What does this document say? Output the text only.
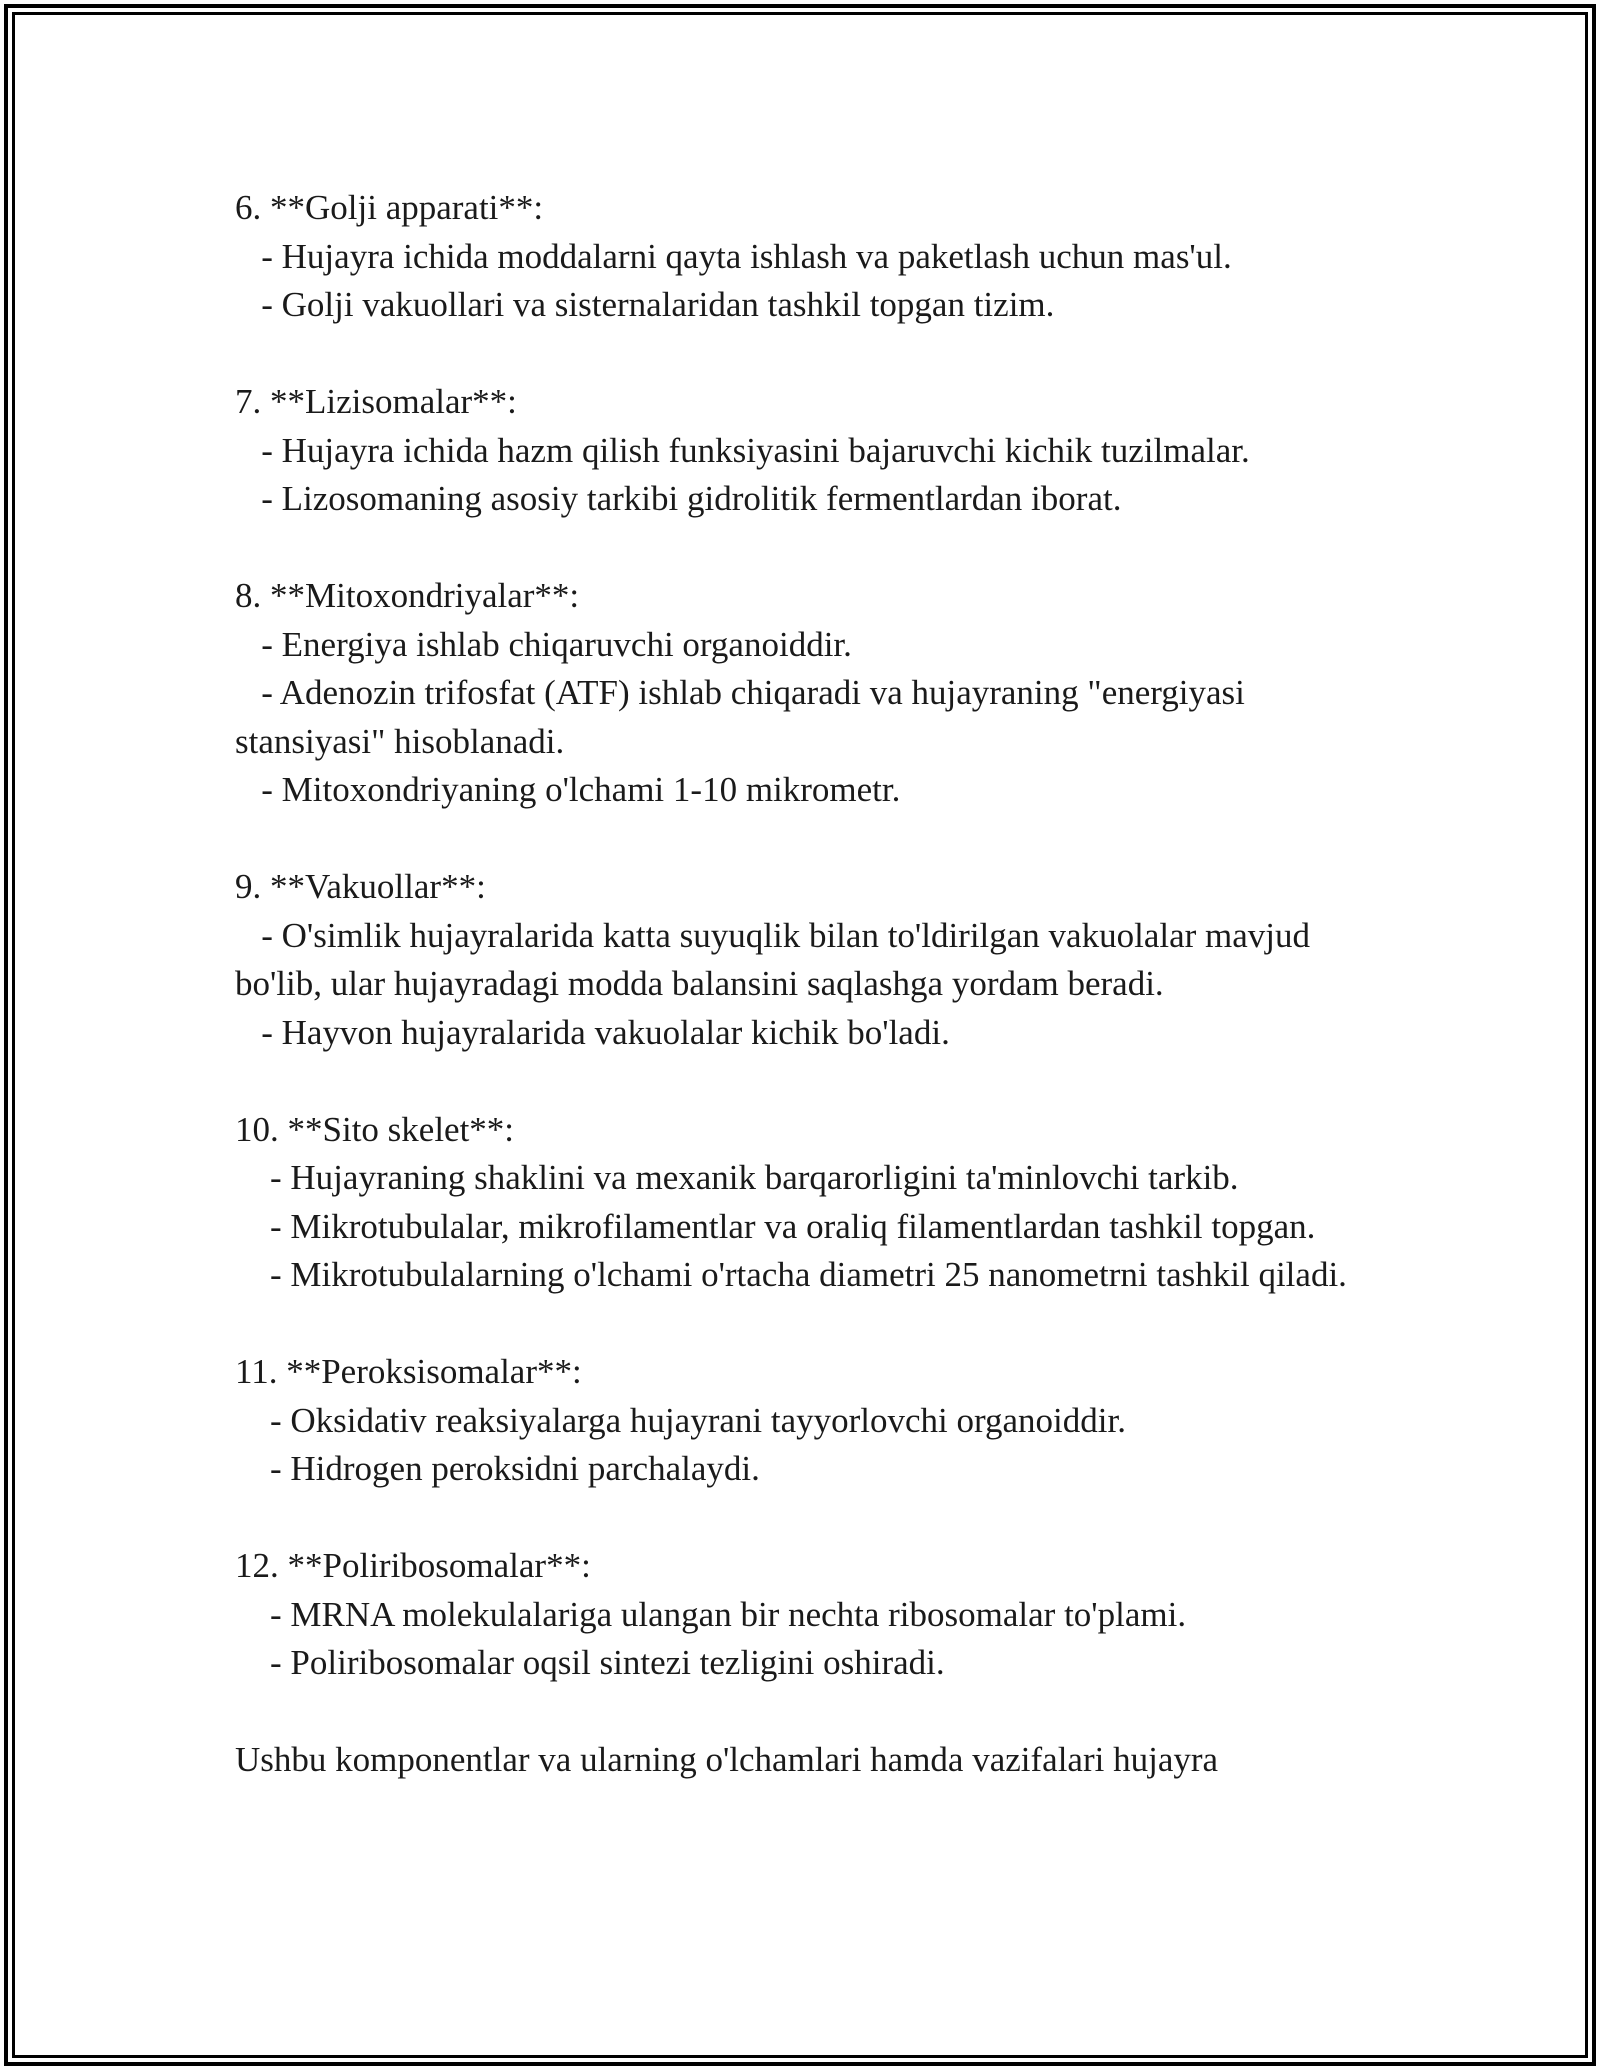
6. **Golji apparati**:

- Hujayra ichida moddalarni qayta ishlash va paketlash uchun mas'ul.

- Golji vakuollari va sisternalaridan tashkil topgan tizim.

7. **Lizisomalar**:

- Hujayra ichida hazm qilish funksiyasini bajaruvchi kichik tuzilmalar.

- Lizosomaning asosiy tarkibi gidrolitik fermentlardan iborat.

8. **Mitoxondriyalar**:

- Energiya ishlab chiqaruvchi organoiddir.

- Adenozin trifosfat (ATF) ishlab chiqaradi va hujayraning "energiyasi stansiyasi" hisoblanadi.

- Mitoxondriyaning o'lchami 1-10 mikrometr.

9. **Vakuollar**:

- O'simlik hujayralarida katta suyuqlik bilan to'ldirilgan vakuolalar mavjud bo'lib, ular hujayradagi modda balansini saqlashga yordam beradi.

- Hayvon hujayralarida vakuolalar kichik bo'ladi.

10. **Sito skelet**:

- Hujayraning shaklini va mexanik barqarorligini ta'minlovchi tarkib.

- Mikrotubulalar, mikrofilamentlar va oraliq filamentlardan tashkil topgan.

- Mikrotubulalarning o'lchami o'rtacha diametri 25 nanometrni tashkil qiladi.

11. **Peroksisomalar**:

- Oksidativ reaksiyalarga hujayrani tayyorlovchi organoiddir.

- Hidrogen peroksidni parchalaydi.

12. **Poliribosomalar**:

- MRNA molekulalariga ulangan bir nechta ribosomalar to'plami.

- Poliribosomalar oqsil sintezi tezligini oshiradi.

Ushbu komponentlar va ularning o'lchamlari hamda vazifalari hujayra
